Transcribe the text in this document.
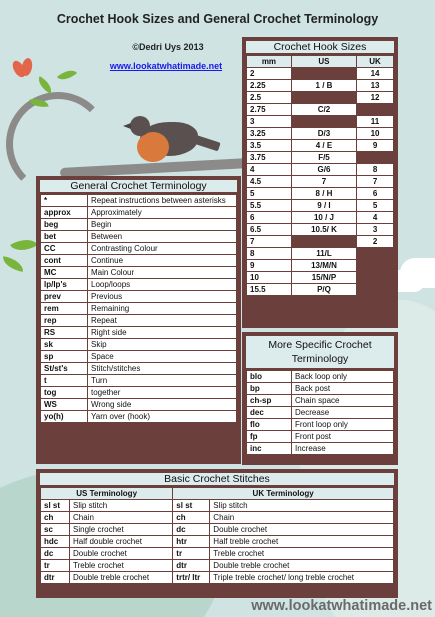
Crochet Hook Sizes and General Crochet Terminology
©Dedri Uys 2013
www.lookatwhatimade.net
Crochet Hook Sizes
mm	US	UK
2		14
2.25	1 / B	13
2.5		12
2.75	C/2	
3		11
3.25	D/3	10
3.5	4 / E	9
3.75	F/5	
4	G/6	8
4.5	7	7
5	8 / H	6
5.5	9 / I	5
6	10 / J	4
6.5	10.5/ K	3
7		2
8	11/L	
9	13/M/N	
10	15/N/P	
15.5	P/Q	
General Crochet Terminology
*	Repeat instructions between asterisks
approx	Approximately
beg	Begin
bet	Between
CC	Contrasting Colour
cont	Continue
MC	Main Colour
lp/lp's	Loop/loops
prev	Previous
rem	Remaining
rep	Repeat
RS	Right side
sk	Skip
sp	Space
St/st's	Stitch/stitches
t	Turn
tog	together
WS	Wrong side
yo(h)	Yarn over (hook)
More Specific Crochet Terminology
blo	Back loop only
bp	Back post
ch-sp	Chain space
dec	Decrease
flo	Front loop only
fp	Front post
inc	Increase
Basic Crochet Stitches
US Terminology		UK Terminology	
sl st	Slip stitch	sl st	Slip stitch
ch	Chain	ch	Chain
sc	Single crochet	dc	Double crochet
hdc	Half double crochet	htr	Half treble crochet
dc	Double crochet	tr	Treble crochet
tr	Treble crochet	dtr	Double treble crochet
dtr	Double treble crochet	trtr/ ltr	Triple treble crochet/ long treble crochet
www.lookatwhatimade.net
